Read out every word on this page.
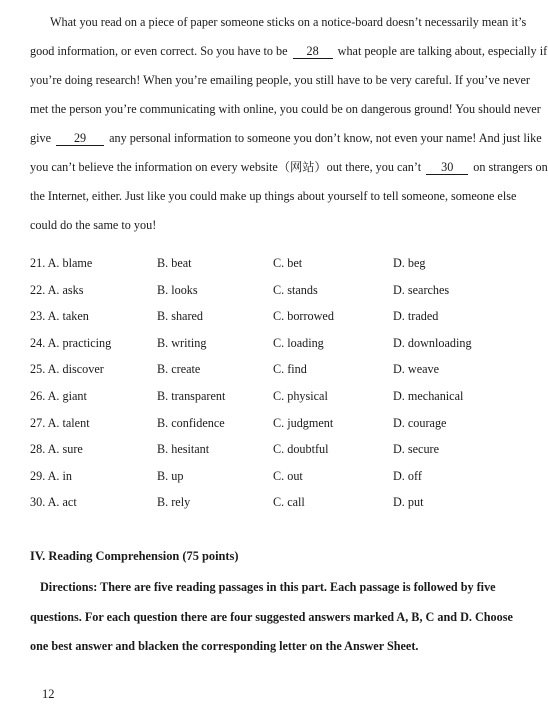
What you read on a piece of paper someone sticks on a notice-board doesn’t necessarily mean it’s
good information, or even correct. So you have to be 28 what people are talking about, especially if
you’re doing research! When you’re emailing people, you still have to be very careful. If you’ve never
met the person you’re communicating with online, you could be on dangerous ground! You should never
give 29 any personal information to someone you don’t know, not even your name! And just like
you can’t believe the information on every website（网站）out there, you can’t 30 on strangers on
the Internet, either. Just like you could make up things about yourself to tell someone, someone else
could do the same to you!
21. A. blame	B. beat	C. bet	D. beg
22. A. asks	B. looks	C. stands	D. searches
23. A. taken	B. shared	C. borrowed	D. traded
24. A. practicing	B. writing	C. loading	D. downloading
25. A. discover	B. create	C. find	D. weave
26. A. giant	B. transparent	C. physical	D. mechanical
27. A. talent	B. confidence	C. judgment	D. courage
28. A. sure	B. hesitant	C. doubtful	D. secure
29. A. in	B. up	C. out	D. off
30. A. act	B. rely	C. call	D. put
IV. Reading Comprehension (75 points)
Directions: There are five reading passages in this part. Each passage is followed by five
questions. For each question there are four suggested answers marked A, B, C and D. Choose
one best answer and blacken the corresponding letter on the Answer Sheet.
12
